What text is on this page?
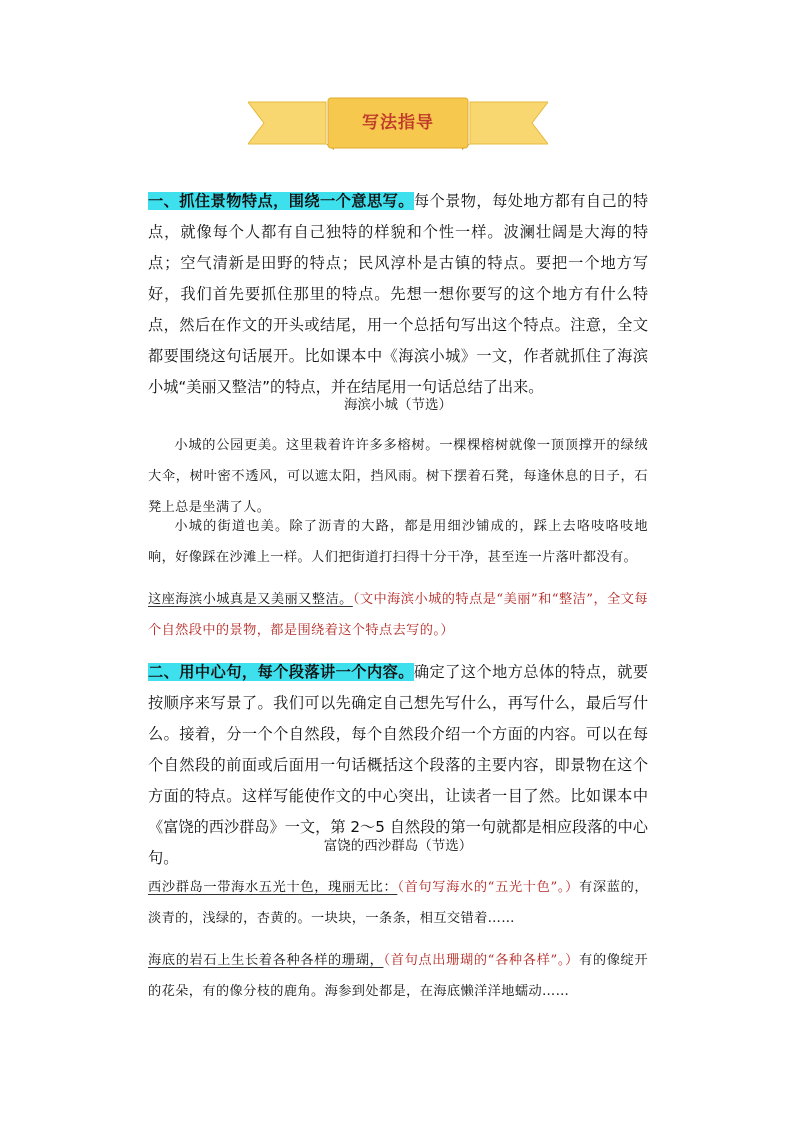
写法指导

一、抓住景物特点，围绕一个意思写。每个景物，每处地方都有自己的特点，就像每个人都有自己独特的样貌和个性一样。波澜壮阔是大海的特点；空气清新是田野的特点；民风淳朴是古镇的特点。要把一个地方写好，我们首先要抓住那里的特点。先想一想你要写的这个地方有什么特点，然后在作文的开头或结尾，用一个总括句写出这个特点。注意，全文都要围绕这句话展开。比如课本中《海滨小城》一文，作者就抓住了海滨小城“美丽又整洁”的特点，并在结尾用一句话总结了出来。

海滨小城（节选）

小城的公园更美。这里栽着许许多多榕树。一棵棵榕树就像一顶顶撑开的绿绒大伞，树叶密不透风，可以遮太阳，挡风雨。树下摆着石凳，每逢休息的日子，石凳上总是坐满了人。

小城的街道也美。除了沥青的大路，都是用细沙铺成的，踩上去咯吱咯吱地响，好像踩在沙滩上一样。人们把街道打扫得十分干净，甚至连一片落叶都没有。

这座海滨小城真是又美丽又整洁。（文中海滨小城的特点是“美丽”和“整洁”，全文每个自然段中的景物，都是围绕着这个特点去写的。）

二、用中心句，每个段落讲一个内容。确定了这个地方总体的特点，就要按顺序来写景了。我们可以先确定自己想先写什么，再写什么，最后写什么。接着，分一个个自然段，每个自然段介绍一个方面的内容。可以在每个自然段的前面或后面用一句话概括这个段落的主要内容，即景物在这个方面的特点。这样写能使作文的中心突出，让读者一目了然。比如课本中《富饶的西沙群岛》一文，第 2～5 自然段的第一句就都是相应段落的中心句。

富饶的西沙群岛（节选）

西沙群岛一带海水五光十色，瑰丽无比：（首句写海水的“五光十色”。）有深蓝的，淡青的，浅绿的，杏黄的。一块块，一条条，相互交错着……

海底的岩石上生长着各种各样的珊瑚，（首句点出珊瑚的“各种各样”。）有的像绽开的花朵，有的像分枝的鹿角。海参到处都是，在海底懒洋洋地蠕动……
